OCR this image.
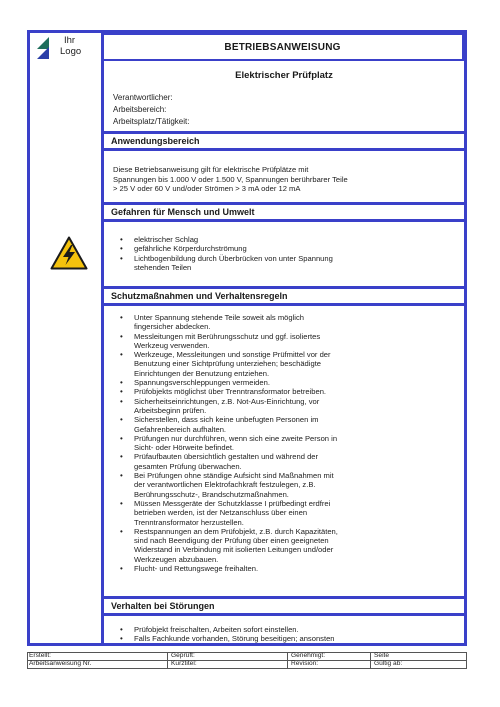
Ihr
Logo	BETRIEBSANWEISUNG
Elektrischer Prüfplatz
Verantwortlicher:
Arbeitsbereich:
Arbeitsplatz/Tätigkeit:
Anwendungsbereich
Diese Betriebsanweisung gilt für elektrische Prüfplätze mit
Spannungen bis 1.000 V oder 1.500 V, Spannungen berührbarer Teile
> 25 V oder 60 V und/oder Strömen > 3 mA oder 12 mA
Gefahren für Mensch und Umwelt
• elektrischer Schlag
• gefährliche Körperdurchströmung
• Lichtbogenbildung durch Überbrücken von unter Spannung
stehenden Teilen
Schutzmaßnahmen und Verhaltensregeln
• Unter Spannung stehende Teile soweit als möglich
fingersicher abdecken.
• Messleitungen mit Berührungsschutz und ggf. isoliertes
Werkzeug verwenden.
• Werkzeuge, Messleitungen und sonstige Prüfmittel vor der
Benutzung einer Sichtprüfung unterziehen; beschädigte
Einrichtungen der Benutzung entziehen.
• Spannungsverschleppungen vermeiden.
• Prüfobjekts möglichst über Trenntransformator betreiben.
• Sicherheitseinrichtungen, z.B. Not-Aus-Einrichtung, vor
Arbeitsbeginn prüfen.
• Sicherstellen, dass sich keine unbefugten Personen im
Gefahrenbereich aufhalten.
• Prüfungen nur durchführen, wenn sich eine zweite Person in
Sicht- oder Hörweite befindet.
• Prüfaufbauten übersichtlich gestalten und während der
gesamten Prüfung überwachen.
• Bei Prüfungen ohne ständige Aufsicht sind Maßnahmen mit
der verantwortlichen Elektrofachkraft festzulegen, z.B.
Berührungsschutz-, Brandschutzmaßnahmen.
• Müssen Messgeräte der Schutzklasse I prüfbedingt erdfrei
betrieben werden, ist der Netzanschluss über einen
Trenntransformator herzustellen.
• Restspannungen an dem Prüfobjekt, z.B. durch Kapazitäten,
sind nach Beendigung der Prüfung über einen geeigneten
Widerstand in Verbindung mit isolierten Leitungen und/oder
Werkzeugen abzubauen.
• Flucht- und Rettungswege freihalten.
Verhalten bei Störungen
• Prüfobjekt freischalten, Arbeiten sofort einstellen.
• Falls Fachkunde vorhanden, Störung beseitigen; ansonsten
Erstellt:	Geprüft:	Genehmigt:	Seite
Arbeitsanweisung Nr.	Kurztitel:	Revision:	Gültig ab:
